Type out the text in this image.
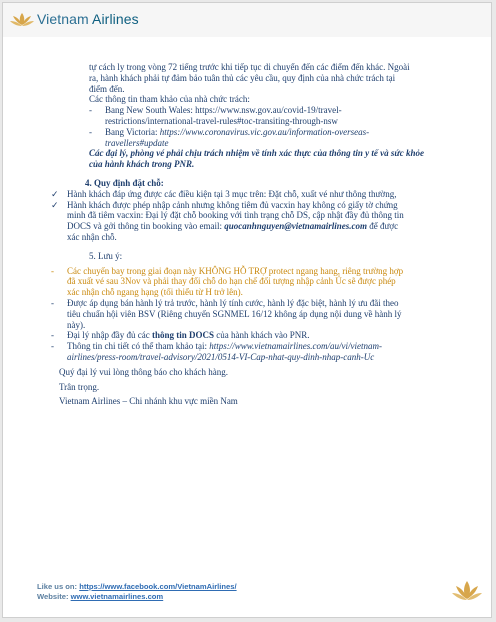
Vietnam Airlines

tự cách ly trong vòng 72 tiếng trước khi tiếp tục di chuyển đến các điểm đến khác. Ngoài

ra, hành khách phải tự đảm bảo tuân thủ các yêu cầu, quy định của nhà chức trách tại

điểm đến.

Các thông tin tham khảo của nhà chức trách:

-	Bang New South Wales: https://www.nsw.gov.au/covid-19/travel-

restrictions/international-travel-rules#toc-transiting-through-nsw

-	Bang Victoria: https://www.coronavirus.vic.gov.au/information-overseas-

travellers#update

Các đại lý, phòng vé phải chịu trách nhiệm về tính xác thực của thông tin y tế và sức khỏe

của hành khách trong PNR.

4. Quy định đặt chỗ:

✓ Hành khách đáp ứng được các điều kiện tại 3 mục trên: Đặt chỗ, xuất vé như thông thường,
✓ Hành khách được phép nhập cảnh nhưng không tiêm đủ vacxin hay không có giấy tờ chứng

minh đã tiêm vacxin: Đại lý đặt chỗ booking với tình trạng chỗ DS, cập nhật đầy đủ thông tin

DOCS và gởi thông tin booking vào email: quocanhnguyen@vietnamairlines.com để được

xác nhận chỗ.

5. Lưu ý:

-	Các chuyến bay trong giai đoạn này KHÔNG HỖ TRỢ protect ngang hang, riêng trường hợp

đã xuất vé sau 3Nov và phải thay đổi chỗ do hạn chế đối tượng nhập cảnh Úc sẽ được phép

xác nhận chỗ ngang hạng (tối thiểu từ H trở lên).

-	Được áp dụng bán hành lý trả trước, hành lý tính cước, hành lý đặc biệt, hành lý ưu đãi theo

tiêu chuẩn hội viên BSV (Riêng chuyến SGNMEL 16/12 không áp dụng nội dung về hành lý

này).

-	Đại lý nhập đầy đủ các thông tin DOCS của hành khách vào PNR.
-	Thông tin chi tiết có thể tham khảo tại: https://www.vietnamairlines.com/au/vi/vietnam-

airlines/press-room/travel-advisory/2021/0514-VI-Cap-nhat-quy-dinh-nhap-canh-Uc

Quý đại lý vui lòng thông báo cho khách hàng.

Trân trọng.

Vietnam Airlines – Chi nhánh khu vực miền Nam

Like us on: https://www.facebook.com/VietnamAirlines/
Website: www.vietnamairlines.com
